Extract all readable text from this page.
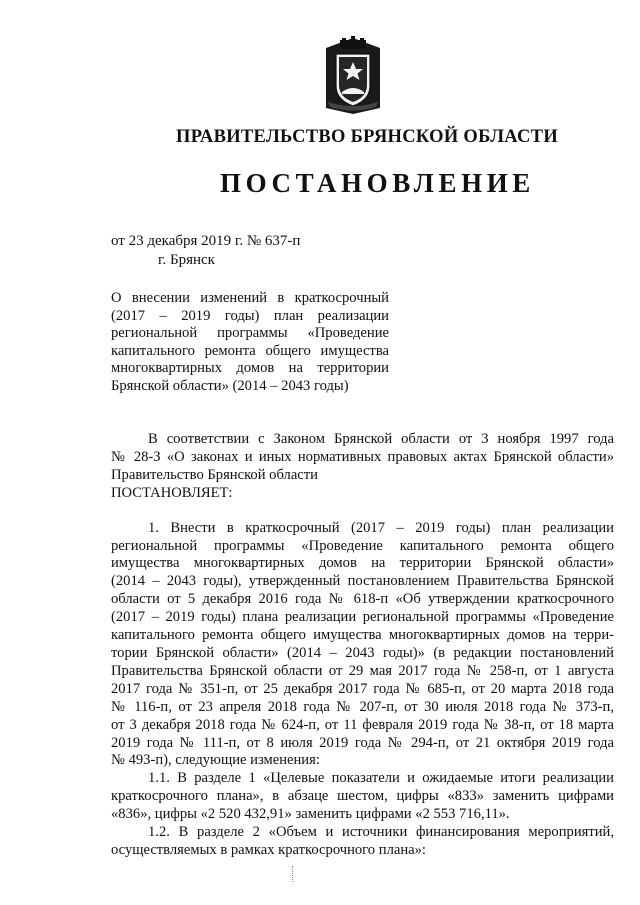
ПРАВИТЕЛЬСТВО БРЯНСКОЙ ОБЛАСТИ
ПОСТАНОВЛЕНИЕ
от 23 декабря 2019 г. № 637-п
г. Брянск
О внесении изменений в краткосрочный
(2017 – 2019 годы) план реализации
региональной программы «Проведение
капитального ремонта общего имущества
многоквартирных домов на территории
Брянской области» (2014 – 2043 годы)
В соответствии с Законом Брянской области от 3 ноября 1997 года
№ 28-З «О законах и иных нормативных правовых актах Брянской области»
Правительство Брянской области
ПОСТАНОВЛЯЕТ:
1. Внести в краткосрочный (2017 – 2019 годы) план реализации
региональной программы «Проведение капитального ремонта общего
имущества многоквартирных домов на территории Брянской области»
(2014 – 2043 годы), утвержденный постановлением Правительства Брянской
области от 5 декабря 2016 года № 618-п «Об утверждении краткосрочного
(2017 – 2019 годы) плана реализации региональной программы «Проведение
капитального ремонта общего имущества многоквартирных домов на терри-
тории Брянской области» (2014 – 2043 годы)» (в редакции постановлений
Правительства Брянской области от 29 мая 2017 года № 258-п, от 1 августа
2017 года № 351-п, от 25 декабря 2017 года № 685-п, от 20 марта 2018 года
№ 116-п, от 23 апреля 2018 года № 207-п, от 30 июля 2018 года № 373-п,
от 3 декабря 2018 года № 624-п, от 11 февраля 2019 года № 38-п, от 18 марта
2019 года № 111-п, от 8 июля 2019 года № 294-п, от 21 октября 2019 года
№ 493-п), следующие изменения:
1.1. В разделе 1 «Целевые показатели и ожидаемые итоги реализации
краткосрочного плана», в абзаце шестом, цифры «833» заменить цифрами
«836», цифры «2 520 432,91» заменить цифрами «2 553 716,11».
1.2. В разделе 2 «Объем и источники финансирования мероприятий,
осуществляемых в рамках краткосрочного плана»:
